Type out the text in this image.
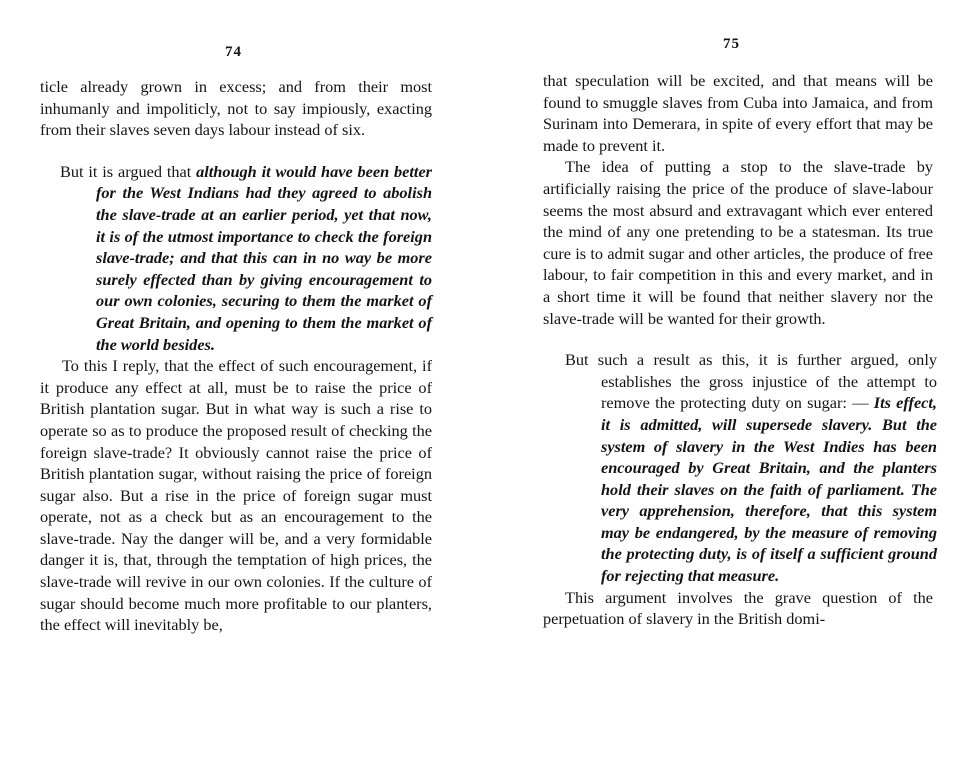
74

ticle already grown in excess; and from their most inhumanly and impoliticly, not to say impiously, exacting from their slaves seven days labour instead of six.

But it is argued that although it would have been better for the West Indians had they agreed to abolish the slave-trade at an earlier period, yet that now, it is of the utmost importance to check the foreign slave-trade; and that this can in no way be more surely effected than by giving encouragement to our own colonies, securing to them the market of Great Britain, and opening to them the market of the world besides.

To this I reply, that the effect of such encouragement, if it produce any effect at all, must be to raise the price of British plantation sugar. But in what way is such a rise to operate so as to produce the proposed result of checking the foreign slave-trade? It obviously cannot raise the price of British plantation sugar, without raising the price of foreign sugar also. But a rise in the price of foreign sugar must operate, not as a check but as an encouragement to the slave-trade. Nay the danger will be, and a very formidable danger it is, that, through the temptation of high prices, the slave-trade will revive in our own colonies. If the culture of sugar should become much more profitable to our planters, the effect will inevitably be,

75

that speculation will be excited, and that means will be found to smuggle slaves from Cuba into Jamaica, and from Surinam into Demerara, in spite of every effort that may be made to prevent it.

The idea of putting a stop to the slave-trade by artificially raising the price of the produce of slave-labour seems the most absurd and extravagant which ever entered the mind of any one pretending to be a statesman. Its true cure is to admit sugar and other articles, the produce of free labour, to fair competition in this and every market, and in a short time it will be found that neither slavery nor the slave-trade will be wanted for their growth.

But such a result as this, it is further argued, only establishes the gross injustice of the attempt to remove the protecting duty on sugar: — Its effect, it is admitted, will supersede slavery. But the system of slavery in the West Indies has been encouraged by Great Britain, and the planters hold their slaves on the faith of parliament. The very apprehension, therefore, that this system may be endangered, by the measure of removing the protecting duty, is of itself a sufficient ground for rejecting that measure.

This argument involves the grave question of the perpetuation of slavery in the British domi-
